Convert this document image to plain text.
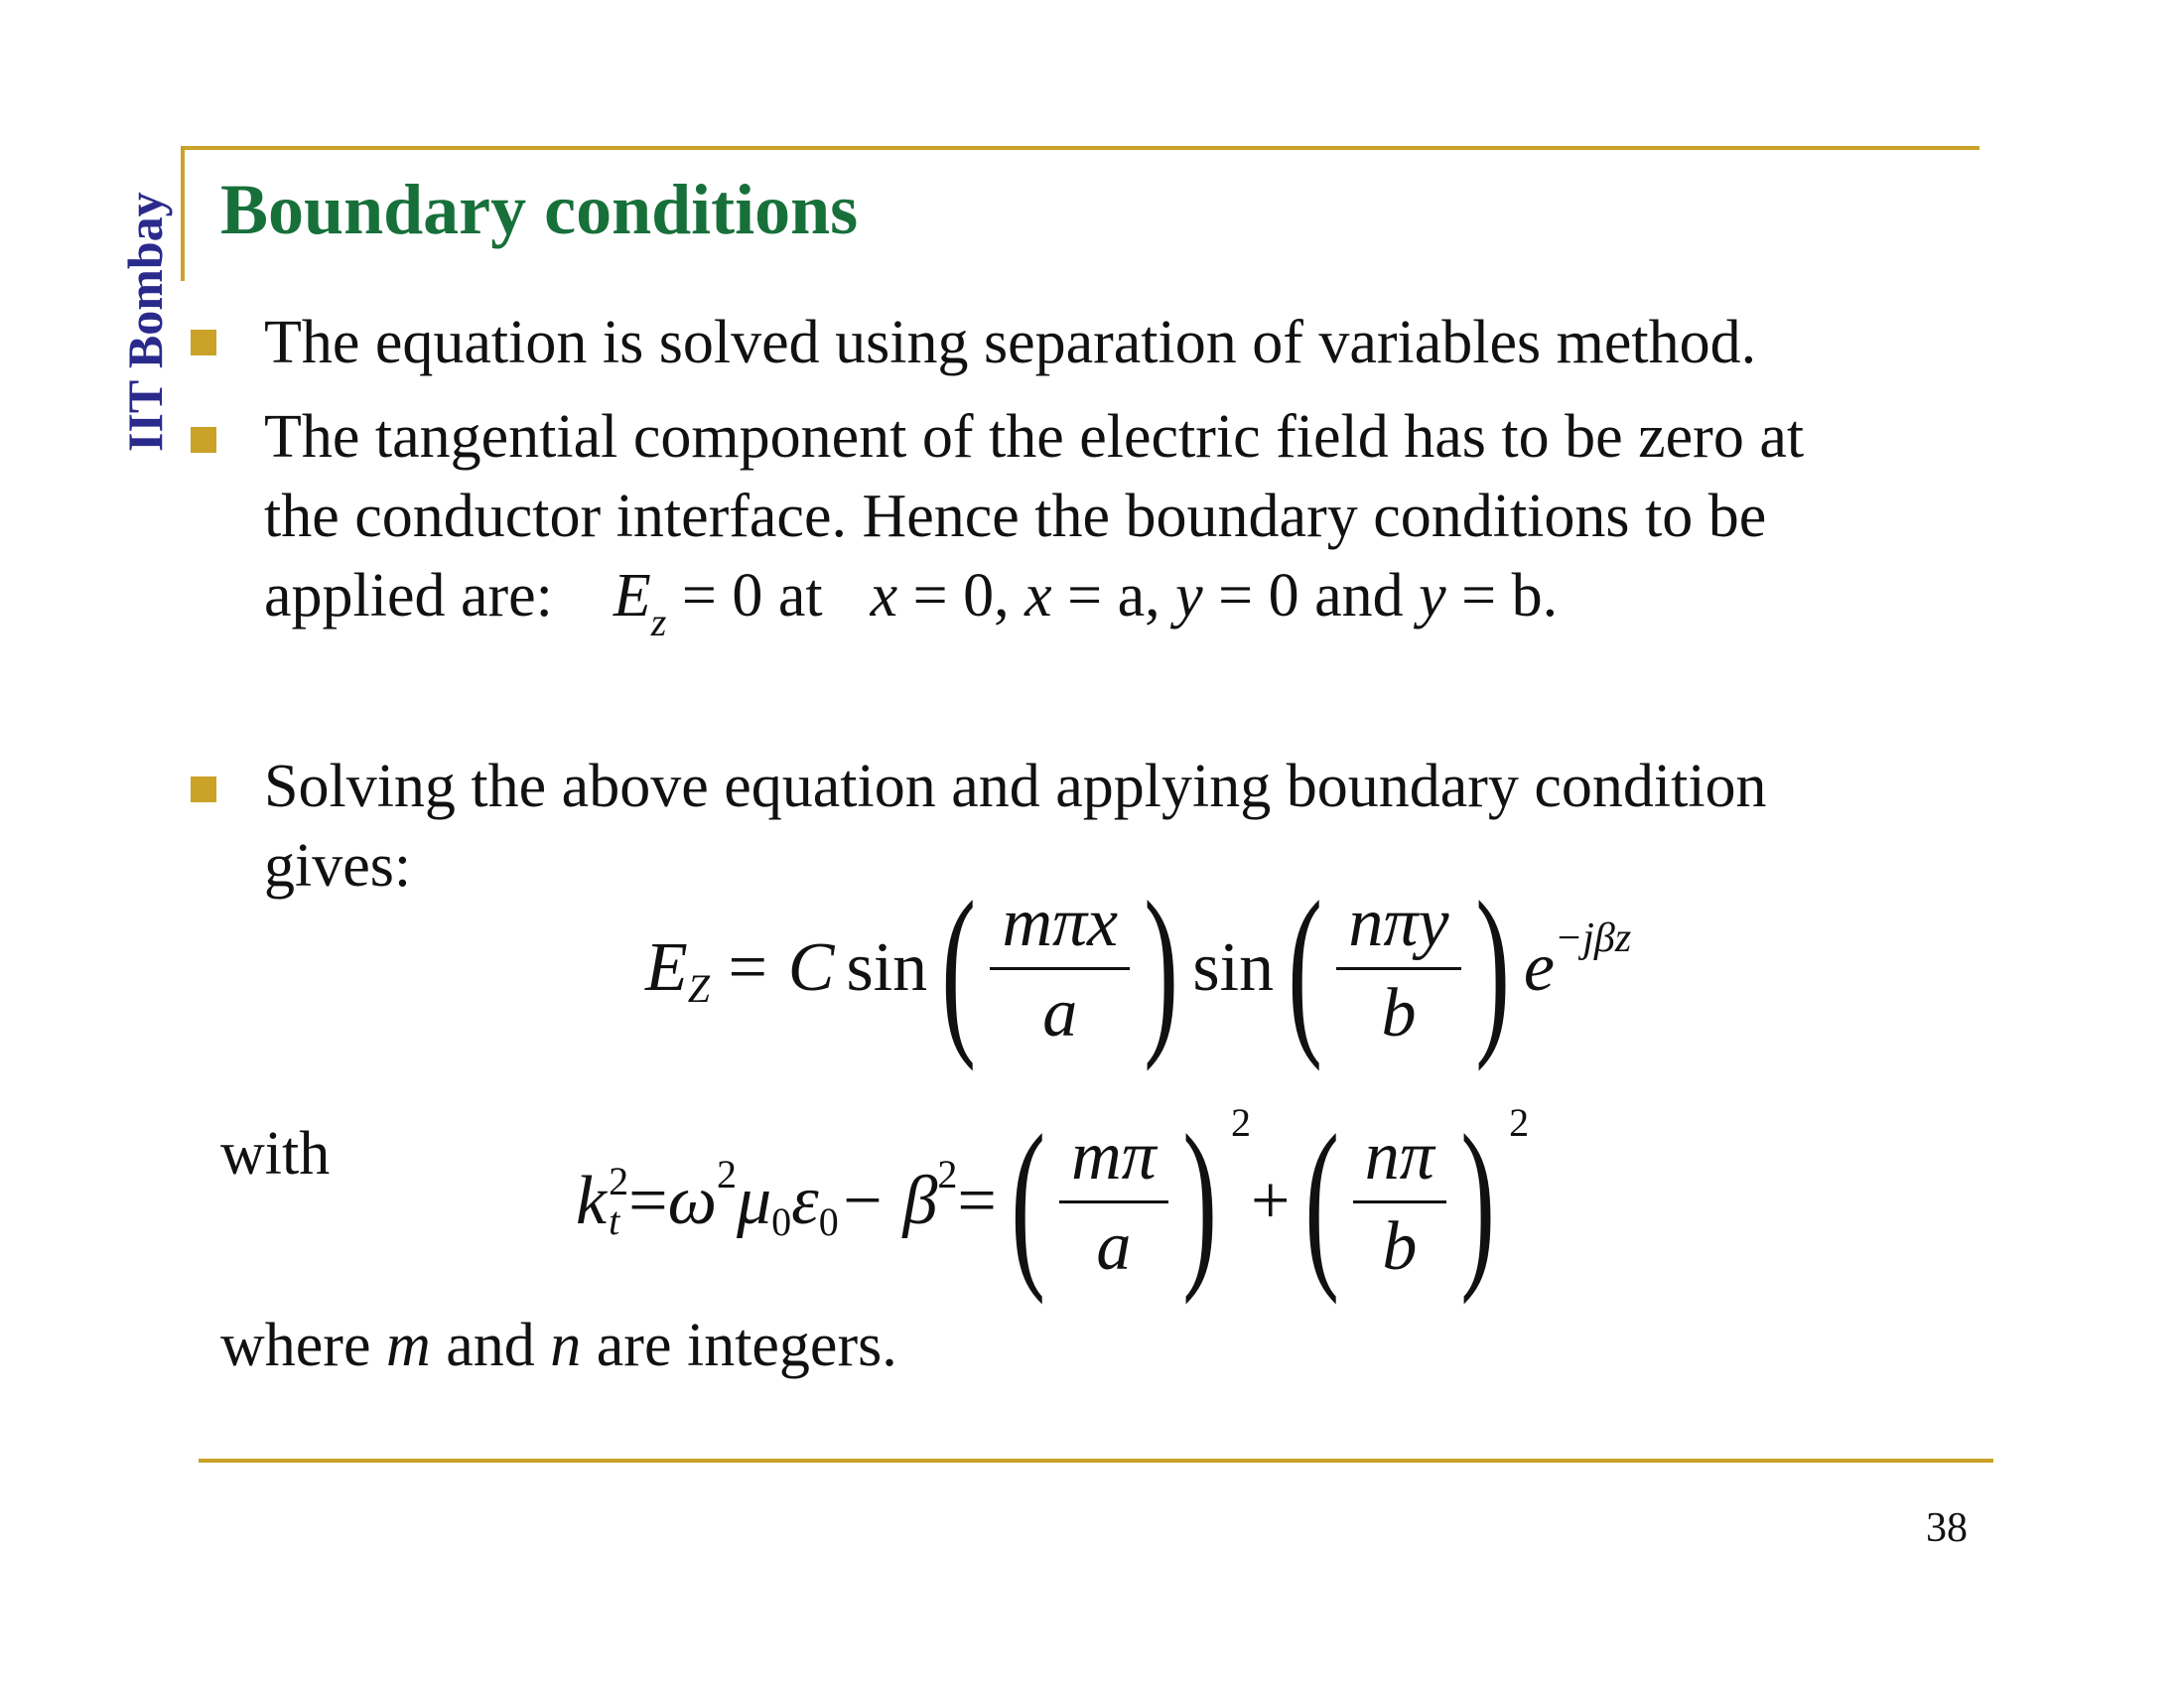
IIT Bombay Boundary conditions
The equation is solved using separation of variables method.
The tangential component of the electric field has to be zero at
the conductor interface. Hence the boundary conditions to be
applied are: $E_z = 0$ at x = 0, x = a, y = 0 and y = b.
Solving the above equation and applying boundary condition
gives:
E Z = C sin ( $\frac{\text{mπx}}{a}$ ) sin ( $\frac{\text{nπy}}{b}$ ) e −jβz
with
k 2
t = ω 2 μ 0 ε 0 − β 2 = ( $\frac{m\pi}{a}$ ) 2
+ ( $\frac{n\pi}{b}$ ) 2
where m and n are integers.
38
